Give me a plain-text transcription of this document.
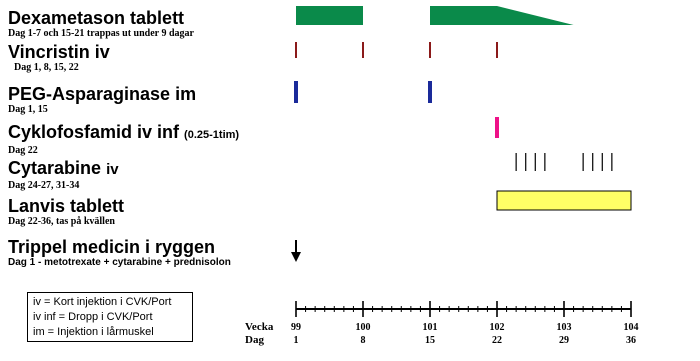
Dexametason tablett
Dag 1-7 och 15-21 trappas ut under 9 dagar
Vincristin iv
Dag 1, 8, 15, 22
PEG-Asparaginase im
Dag 1, 15
Cyklofosfamid iv inf (0.25-1tim)
Dag 22
Cytarabine iv
Dag 24-27, 31-34
Lanvis tablett
Dag 22-36, tas på kvällen
Trippel medicin i ryggen
Dag 1 - metotrexate + cytarabine + prednisolon
iv = Kort injektion i CVK/Port
iv inf = Dropp i CVK/Port
im = Injektion i lårmuskel	Vecka
Dag
99
1
100
8
101
15
102
22
103
29
104
36
